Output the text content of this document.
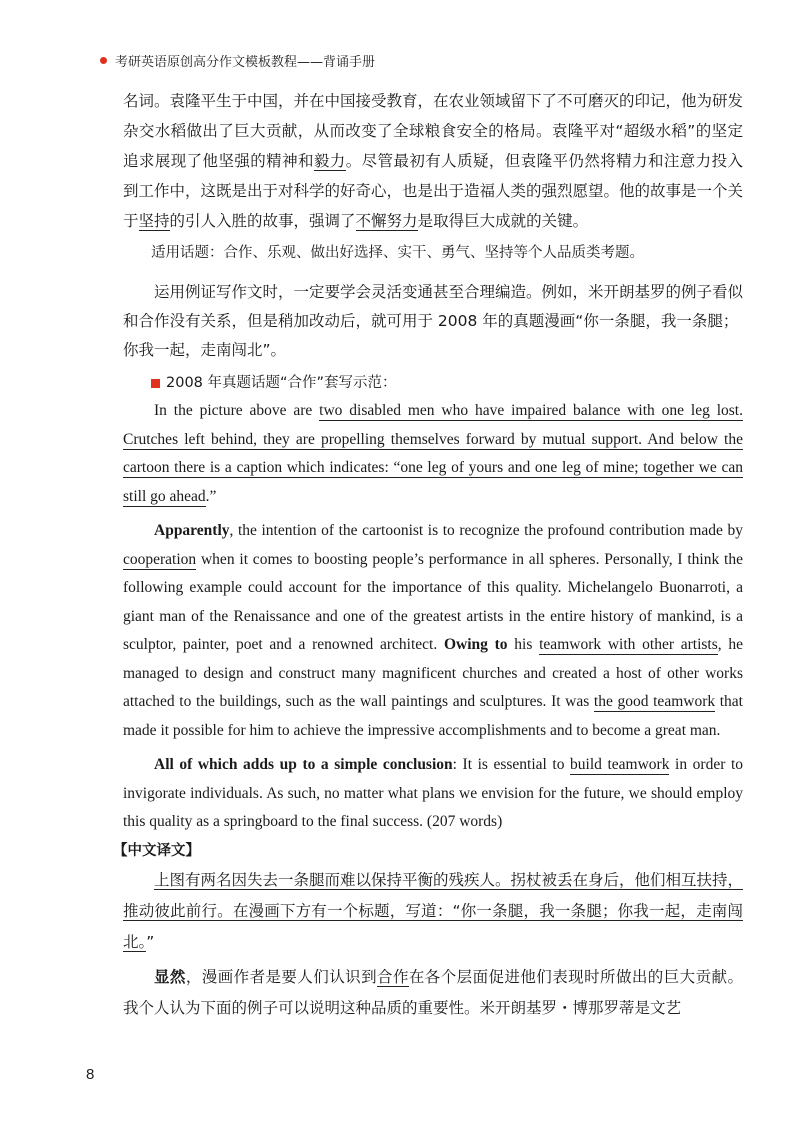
考研英语原创高分作文模板教程——背诵手册

名词。袁隆平生于中国，并在中国接受教育，在农业领域留下了不可磨灭的印记，他为研发杂交水稻做出了巨大贡献，从而改变了全球粮食安全的格局。袁隆平对“超级水稻”的坚定追求展现了他坚强的精神和毅力。尽管最初有人质疑，但袁隆平仍然将精力和注意力投入到工作中，这既是出于对科学的好奇心，也是出于造福人类的强烈愿望。他的故事是一个关于坚持的引人入胜的故事，强调了不懈努力是取得巨大成就的关键。

适用话题：合作、乐观、做出好选择、实干、勇气、坚持等个人品质类考题。

运用例证写作文时，一定要学会灵活变通甚至合理编造。例如，米开朗基罗的例子看似和合作没有关系，但是稍加改动后，就可用于 2008 年的真题漫画“你一条腿，我一条腿；你我一起，走南闯北”。

2008 年真题话题“合作”套写示范：

In the picture above are two disabled men who have impaired balance with one leg lost. Crutches left behind, they are propelling themselves forward by mutual support. And below the cartoon there is a caption which indicates: “one leg of yours and one leg of mine; together we can still go ahead.”

Apparently, the intention of the cartoonist is to recognize the profound contribution made by cooperation when it comes to boosting people’s performance in all spheres. Personally, I think the following example could account for the importance of this quality. Michelangelo Buonarroti, a giant man of the Renaissance and one of the greatest artists in the entire history of mankind, is a sculptor, painter, poet and a renowned architect. Owing to his teamwork with other artists, he managed to design and construct many magnificent churches and created a host of other works attached to the buildings, such as the wall paintings and sculptures. It was the good teamwork that made it possible for him to achieve the impressive accomplishments and to become a great man.

All of which adds up to a simple conclusion: It is essential to build teamwork in order to invigorate individuals. As such, no matter what plans we envision for the future, we should employ this quality as a springboard to the final success. (207 words)

【中文译文】

上图有两名因失去一条腿而难以保持平衡的残疾人。拐杖被丢在身后，他们相互扶持，推动彼此前行。在漫画下方有一个标题，写道：“你一条腿，我一条腿；你我一起，走南闯北。”

显然，漫画作者是要人们认识到合作在各个层面促进他们表现时所做出的巨大贡献。我个人认为下面的例子可以说明这种品质的重要性。米开朗基罗・博那罗蒂是文艺

8
